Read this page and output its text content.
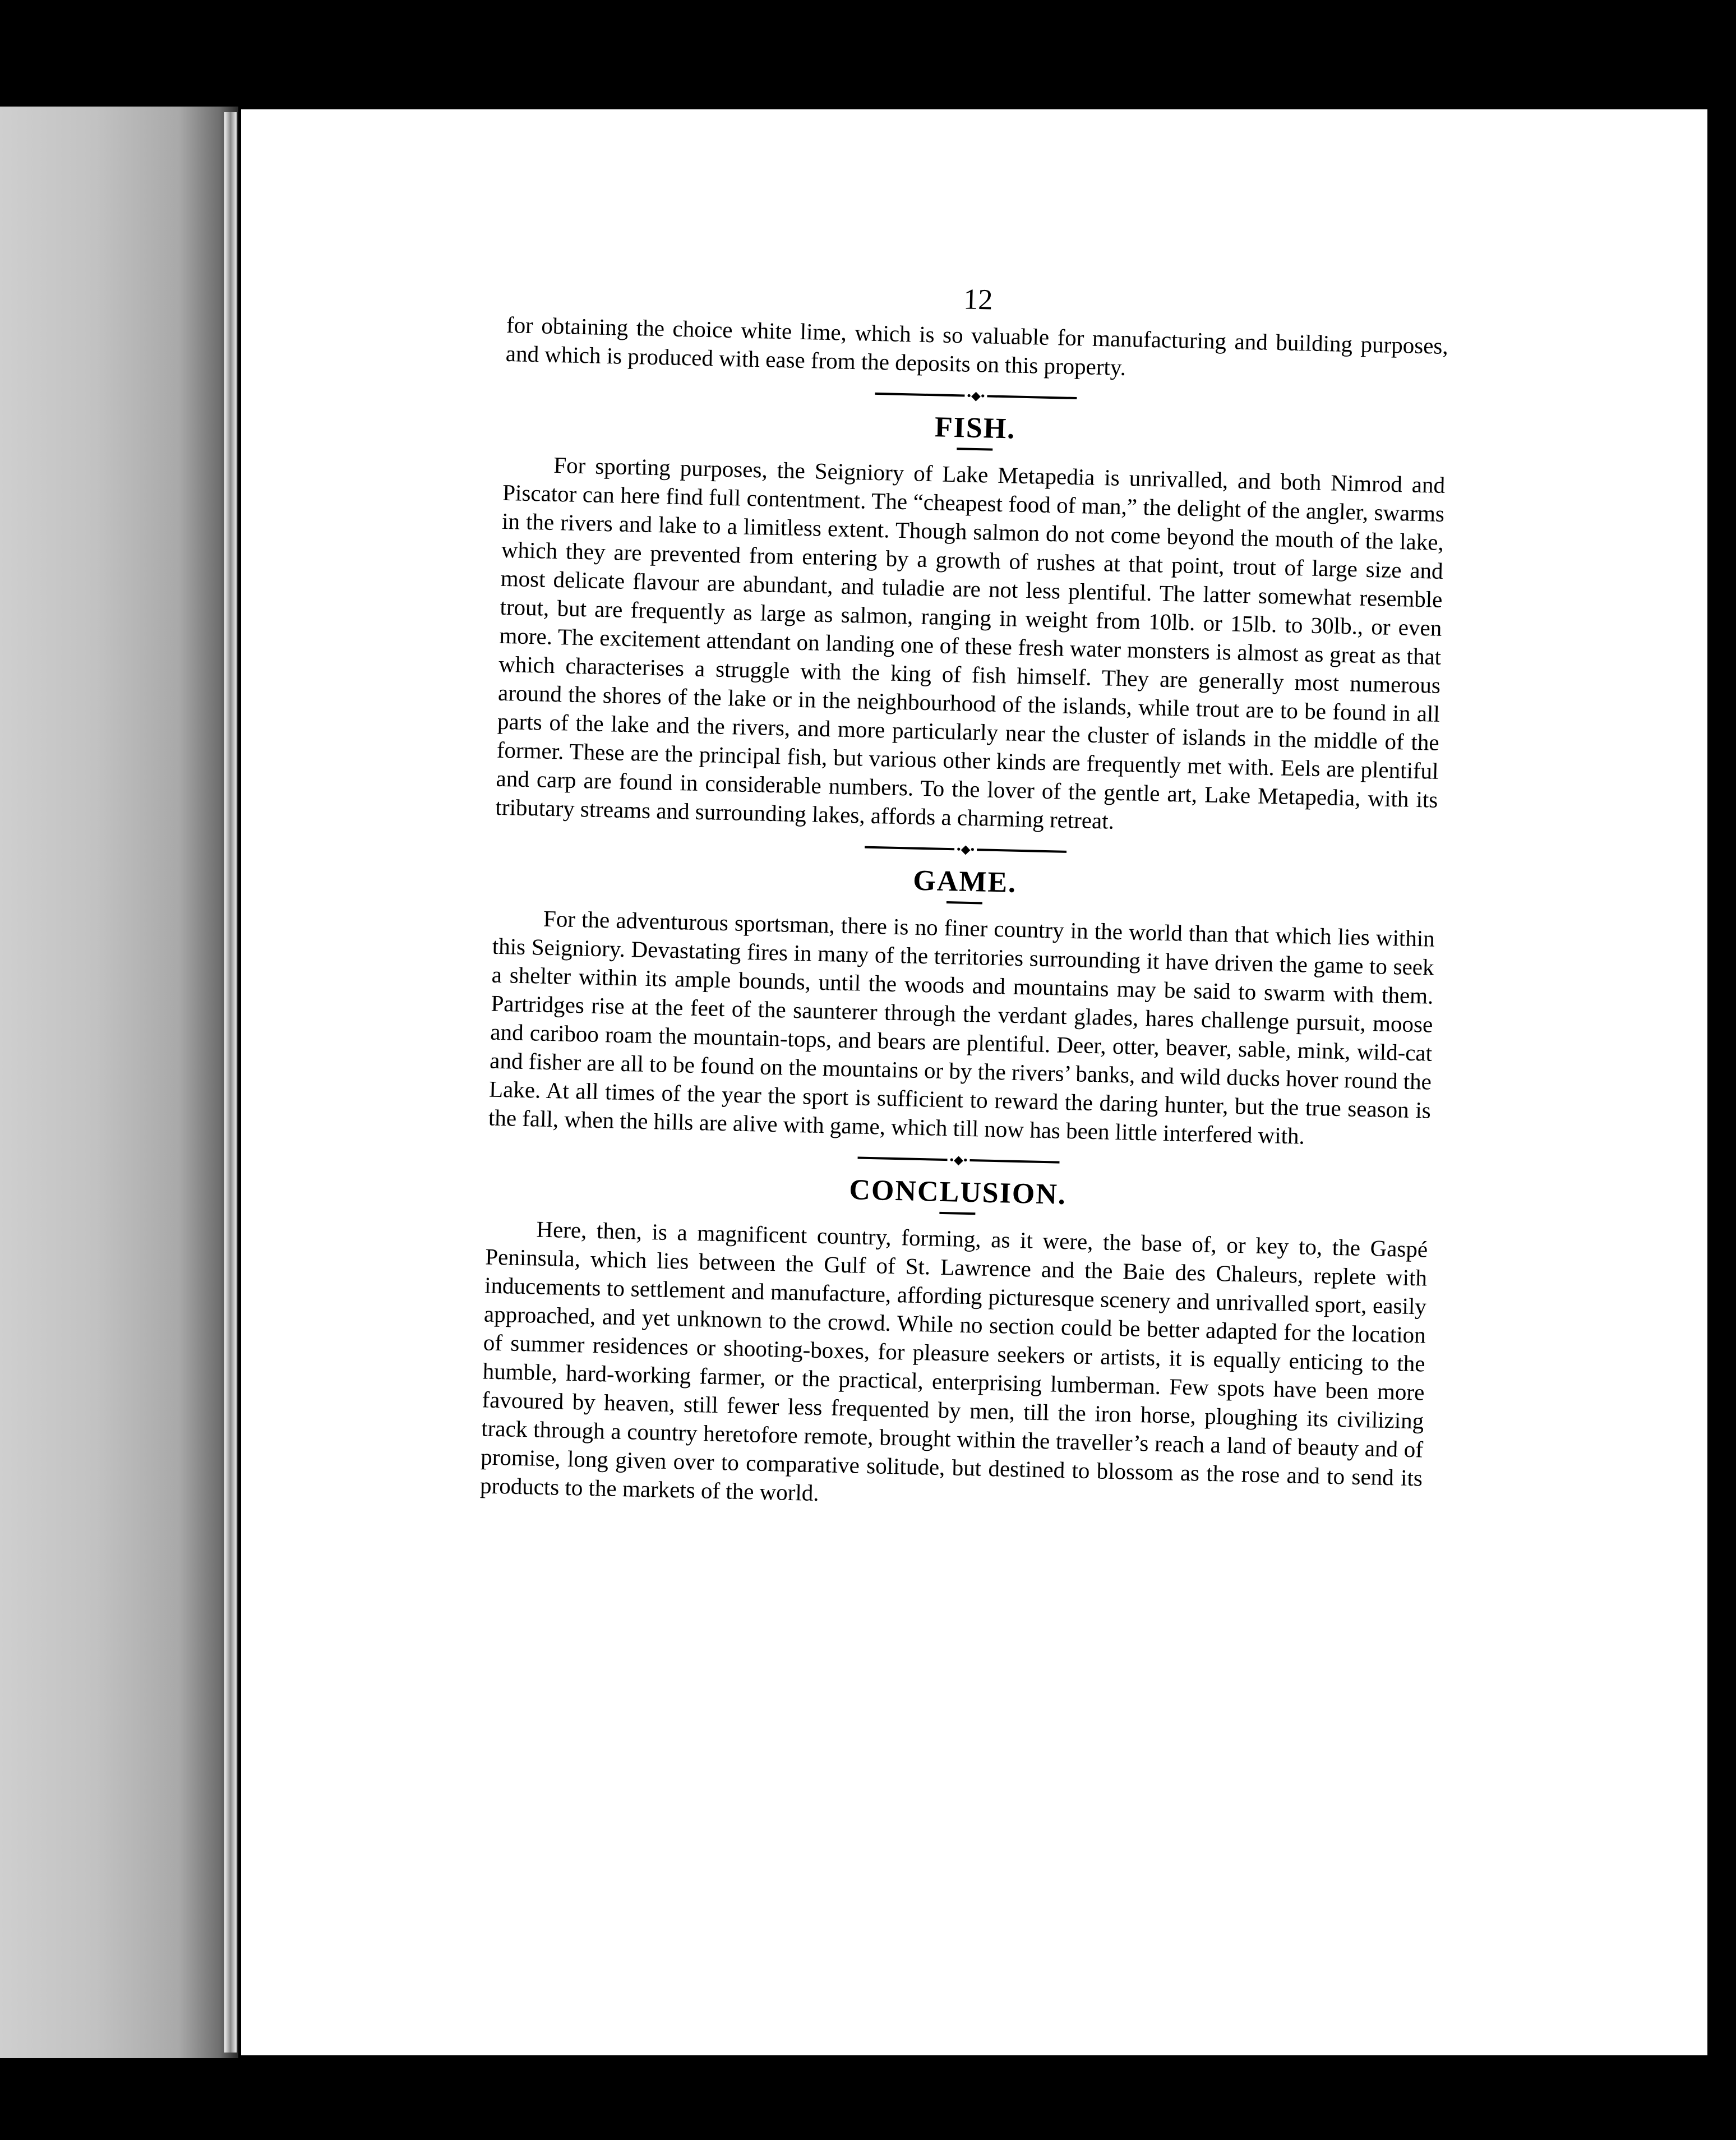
12

for obtaining the choice white lime, which is so valuable for manufacturing and building purposes, and which is produced with ease from the deposits on this property.

•◆•
FISH.

For sporting purposes, the Seigniory of Lake Metapedia is unrivalled, and both Nimrod and Piscator can here find full contentment. The “cheapest food of man,” the delight of the angler, swarms in the rivers and lake to a limitless extent. Though salmon do not come beyond the mouth of the lake, which they are prevented from entering by a growth of rushes at that point, trout of large size and most delicate flavour are abundant, and tuladie are not less plentiful. The latter somewhat resemble trout, but are frequently as large as salmon, ranging in weight from 10lb. or 15lb. to 30lb., or even more. The excitement attendant on landing one of these fresh water monsters is almost as great as that which characterises a struggle with the king of fish himself. They are generally most numerous around the shores of the lake or in the neighbourhood of the islands, while trout are to be found in all parts of the lake and the rivers, and more particularly near the cluster of islands in the middle of the former. These are the principal fish, but various other kinds are frequently met with. Eels are plentiful and carp are found in considerable numbers. To the lover of the gentle art, Lake Metapedia, with its tributary streams and surrounding lakes, affords a charming retreat.

•◆•
GAME.

For the adventurous sportsman, there is no finer country in the world than that which lies within this Seigniory. Devastating fires in many of the territories surrounding it have driven the game to seek a shelter within its ample bounds, until the woods and mountains may be said to swarm with them. Partridges rise at the feet of the saunterer through the verdant glades, hares challenge pursuit, moose and cariboo roam the mountain-tops, and bears are plentiful. Deer, otter, beaver, sable, mink, wild-cat and fisher are all to be found on the mountains or by the rivers’ banks, and wild ducks hover round the Lake. At all times of the year the sport is sufficient to reward the daring hunter, but the true season is the fall, when the hills are alive with game, which till now has been little interfered with.

•◆•
CONCLUSION.

Here, then, is a magnificent country, forming, as it were, the base of, or key to, the Gaspé Peninsula, which lies between the Gulf of St. Lawrence and the Baie des Chaleurs, replete with inducements to settlement and manufacture, affording picturesque scenery and unrivalled sport, easily approached, and yet unknown to the crowd. While no section could be better adapted for the location of summer residences or shooting-boxes, for pleasure seekers or artists, it is equally enticing to the humble, hard-working farmer, or the practical, enterprising lumberman. Few spots have been more favoured by heaven, still fewer less frequented by men, till the iron horse, ploughing its civilizing track through a country heretofore remote, brought within the traveller’s reach a land of beauty and of promise, long given over to comparative solitude, but destined to blossom as the rose and to send its products to the markets of the world.
